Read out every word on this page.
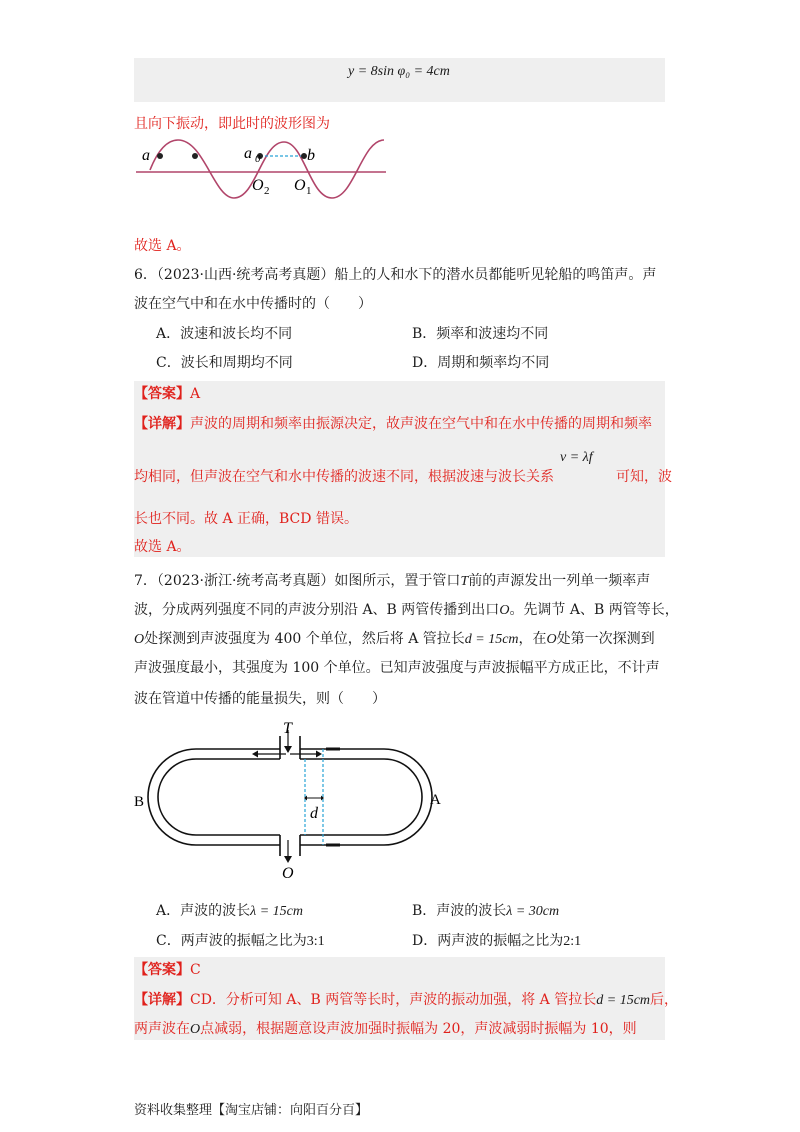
y = 8sin φ₀ = 4cm
且向下振动，即此时的波形图为
a	a 0	b
O 2 O 1
故选 A。
6．（2023·山西·统考高考真题）船上的人和水下的潜水员都能听见轮船的鸣笛声。声
波在空气中和在水中传播时的（　　）
A．波速和波长均不同	B．频率和波速均不同
C．波长和周期均不同	D．周期和频率均不同
【答案】A
【详解】声波的周期和频率由振源决定，故声波在空气中和在水中传播的周期和频率
v = λf
均相同，但声波在空气和水中传播的波速不同，根据波速与波长关系	可知，波
长也不同。故 A 正确，BCD 错误。
故选 A。
7．（2023·浙江·统考高考真题）如图所示，置于管口T前的声源发出一列单一频率声
波，分成两列强度不同的声波分别沿 A、B 两管传播到出口O。先调节 A、B 两管等长，
O处探测到声波强度为 400 个单位，然后将 A 管拉长d = 15cm，在O处第一次探测到
声波强度最小，其强度为 100 个单位。已知声波强度与声波振幅平方成正比，不计声
波在管道中传播的能量损失，则（　　）
T
B	A
d
O
A．声波的波长λ = 15cm	B．声波的波长λ = 30cm
C．两声波的振幅之比为3:1	D．两声波的振幅之比为2:1
【答案】C
【详解】CD．分析可知 A、B 两管等长时，声波的振动加强，将 A 管拉长d = 15cm后，
两声波在O点减弱，根据题意设声波加强时振幅为 20，声波减弱时振幅为 10，则
资料收集整理【淘宝店铺：向阳百分百】
